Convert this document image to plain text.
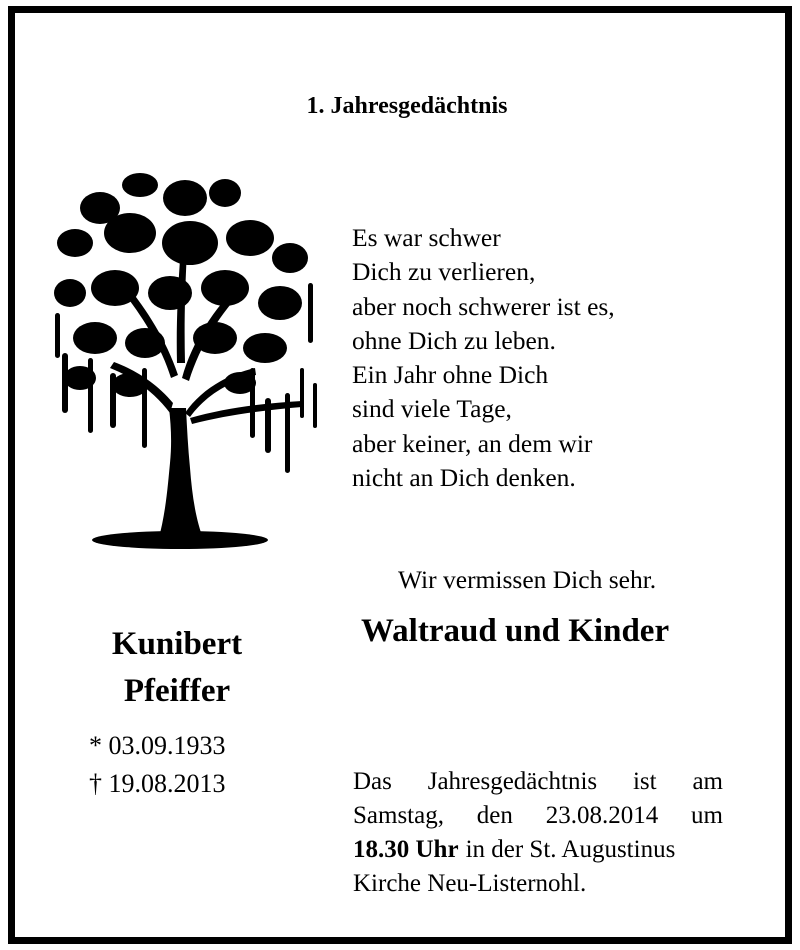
1. Jahresgedächtnis
Es war schwer
Dich zu verlieren,
aber noch schwerer ist es,
ohne Dich zu leben.
Ein Jahr ohne Dich
sind viele Tage,
aber keiner, an dem wir
nicht an Dich denken.
Wir vermissen Dich sehr.
Waltraud und Kinder
Kunibert
Pfeiffer
* 03.09.1933
† 19.08.2013	Das Jahresgedächtnis ist am
Samstag, den 23.08.2014 um
18.30 Uhr in der St. Augustinus
Kirche Neu-Listernohl.
